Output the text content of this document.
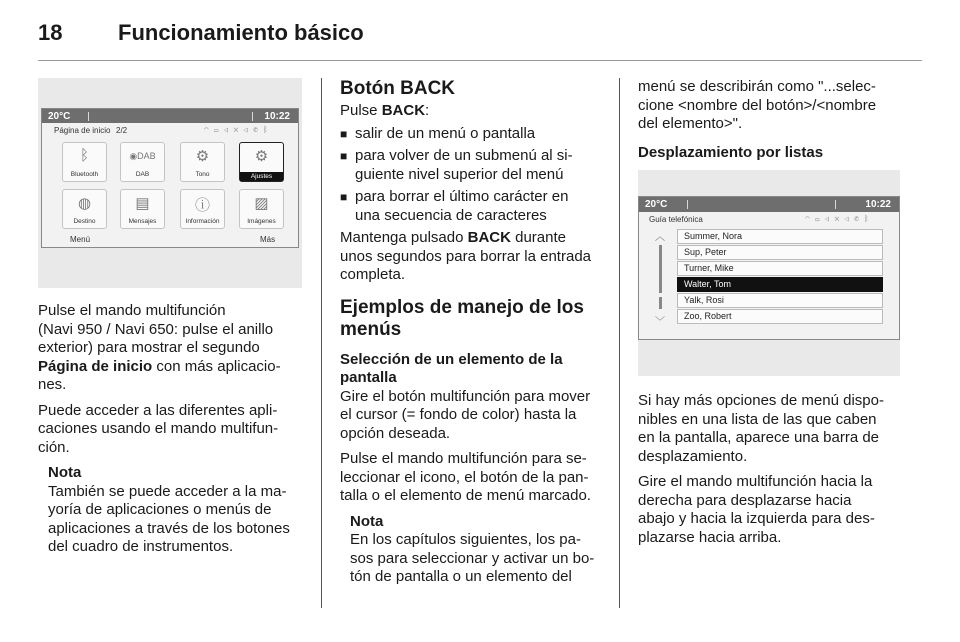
18	Funcionamiento básico
20°C	10:22
Página de inicio 2/2	◠▭◁✕◁✆ᛒ
ᛒ
Bluetooth
◉DAB
DAB
⚙
Tono
⚙
Ajustes
◍
Destino
▤
Mensajes
ⓘ
Información
▨
Imágenes
Menú	Más
Pulse el mando multifunción
(Navi 950 / Navi 650: pulse el anillo
exterior) para mostrar el segundo
Página de inicio con más aplicacio-
nes.
Puede acceder a las diferentes apli-
caciones usando el mando multifun-
ción.
Nota
También se puede acceder a la ma-
yoría de aplicaciones o menús de
aplicaciones a través de los botones
del cuadro de instrumentos.
Botón BACK
Pulse BACK:
■ salir de un menú o pantalla
■ para volver de un submenú al si-
guiente nivel superior del menú
■ para borrar el último carácter en
una secuencia de caracteres
Mantenga pulsado BACK durante
unos segundos para borrar la entrada
completa.
Ejemplos de manejo de los
menús
Selección de un elemento de la
pantalla
Gire el botón multifunción para mover
el cursor (= fondo de color) hasta la
opción deseada.
Pulse el mando multifunción para se-
leccionar el icono, el botón de la pan-
talla o el elemento de menú marcado.
Nota
En los capítulos siguientes, los pa-
sos para seleccionar y activar un bo-
tón de pantalla o un elemento del
menú se describirán como "...selec-
cione <nombre del botón>/<nombre
del elemento>".
Desplazamiento por listas
20°C	10:22
Guía telefónica	◠▭◁✕◁✆ᛒ
︿
﹀
Summer, Nora
Sup, Peter
Turner, Mike
Walter, Tom
Yalk, Rosi
Zoo, Robert
Si hay más opciones de menú dispo-
nibles en una lista de las que caben
en la pantalla, aparece una barra de
desplazamiento.
Gire el mando multifunción hacia la
derecha para desplazarse hacia
abajo y hacia la izquierda para des-
plazarse hacia arriba.
